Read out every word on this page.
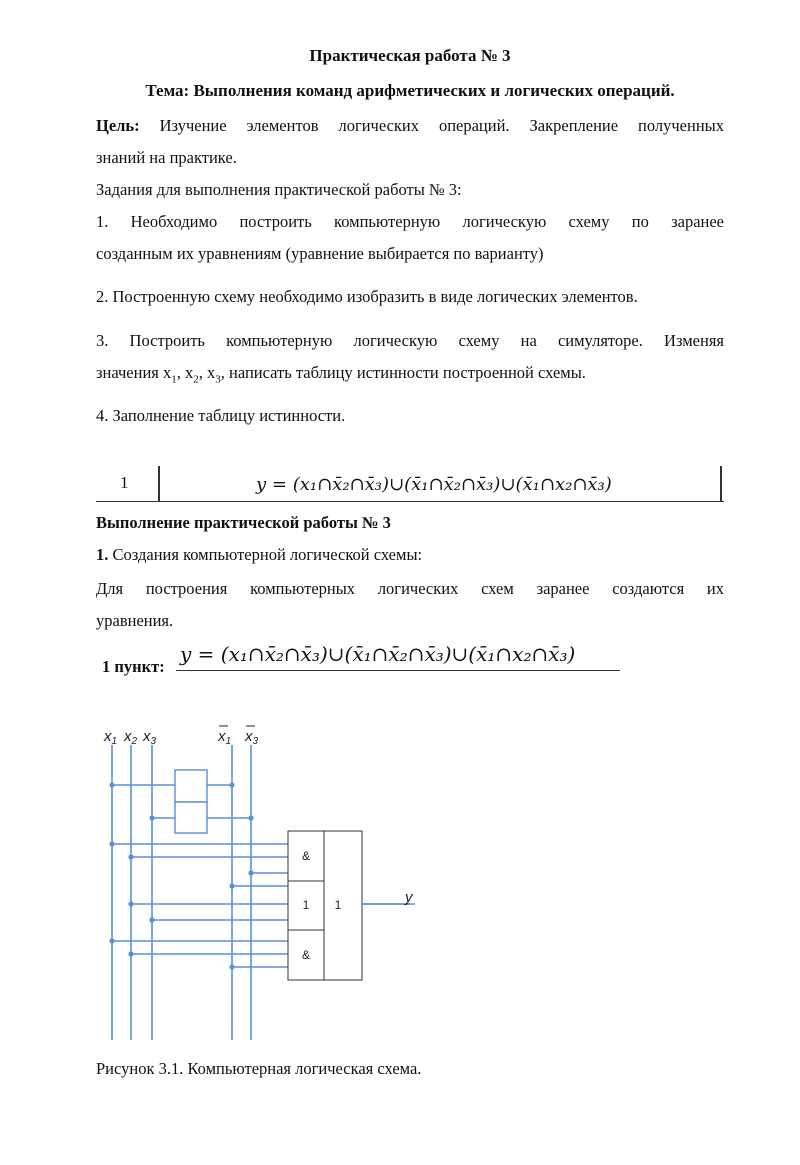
Практическая работа № 3
Тема: Выполнения команд арифметических и логических операций.
Цель: Изучение элементов логических операций. Закрепление полученных
знаний на практике.
Задания для выполнения практической работы № 3:
1. Необходимо построить компьютерную логическую схему по заранее
созданным их уравнениям (уравнение выбирается по варианту)
2. Построенную схему необходимо изобразить в виде логических элементов.
3. Построить компьютерную логическую схему на симуляторе. Изменяя
значения $x_1$, $x_2$, $x_3$, написать таблицу истинности построенной схемы.
4. Заполнение таблицу истинности.
1	y = (x₁∩x̄₂∩x̄₃)∪(x̄₁∩x̄₂∩x̄₃)∪(x̄₁∩x₂∩x̄₃)
Выполнение практической работы № 3
1. Создания компьютерной логической схемы:
Для построения компьютерных логических схем заранее создаются их
уравнения.
1 пункт:
y = (x₁∩x̄₂∩x̄₃)∪(x̄₁∩x̄₂∩x̄₃)∪(x̄₁∩x₂∩x̄₃)
$x_1$ $x_2$ $x_3$	$x_1$ $x_3$
&
1 1
&
y
Рисунок 3.1. Компьютерная логическая схема.
